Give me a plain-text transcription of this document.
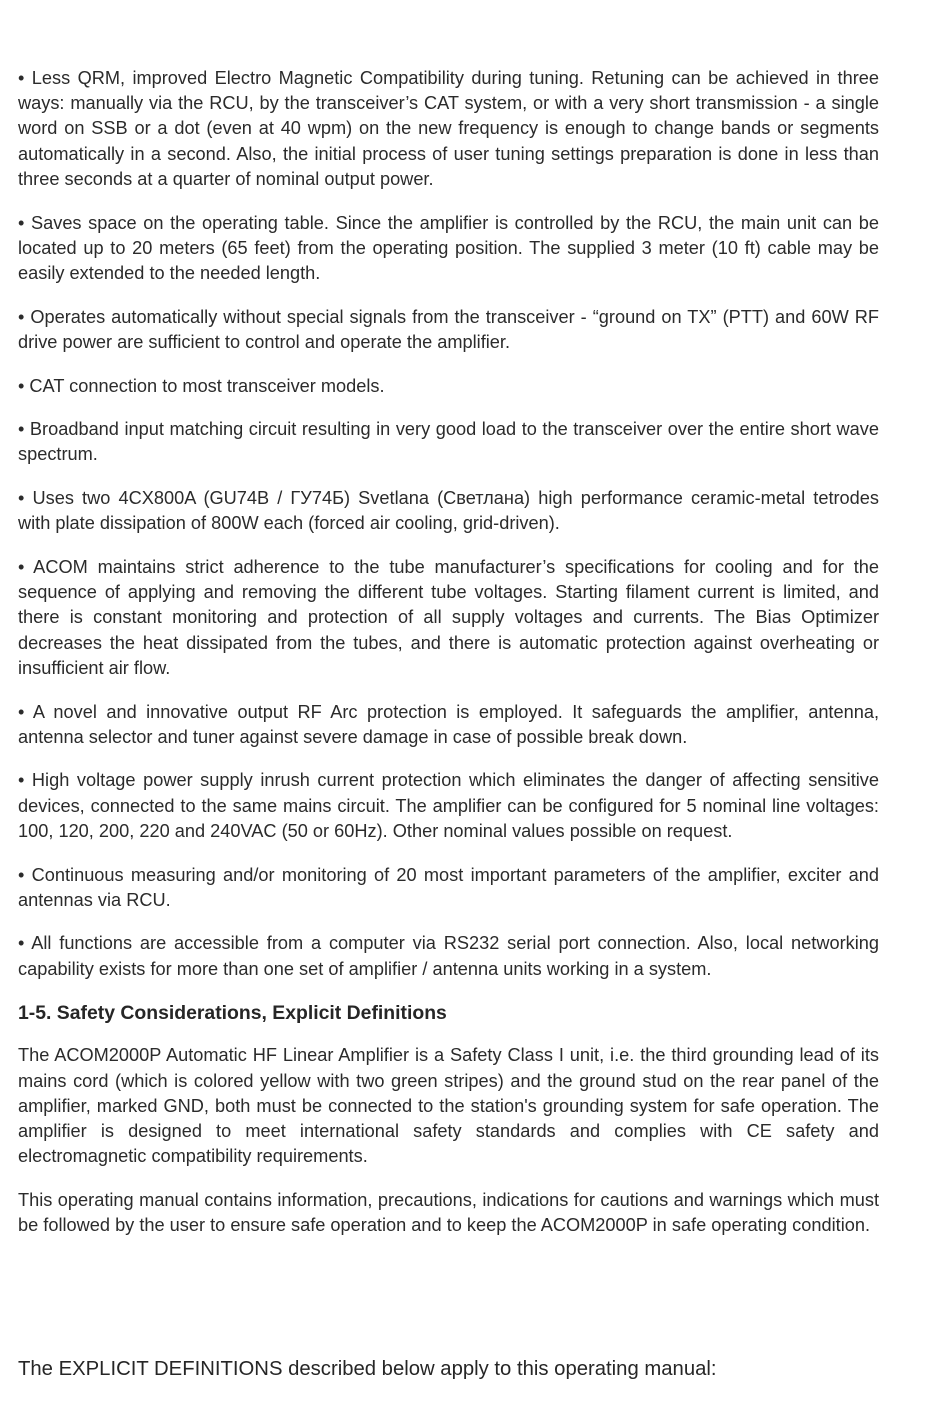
• Less QRM, improved Electro Magnetic Compatibility during tuning. Retuning can be achieved in three ways: manually via the RCU, by the transceiver’s CAT system, or with a very short transmission - a single word on SSB or a dot (even at 40 wpm) on the new frequency is enough to change bands or segments automatically in a second. Also, the initial process of user tuning settings preparation is done in less than three seconds at a quarter of nominal output power.

• Saves space on the operating table. Since the amplifier is controlled by the RCU, the main unit can be located up to 20 meters (65 feet) from the operating position. The supplied 3 meter (10 ft) cable may be easily extended to the needed length.

• Operates automatically without special signals from the transceiver - “ground on TX” (PTT) and 60W RF drive power are sufficient to control and operate the amplifier.

• CAT connection to most transceiver models.

• Broadband input matching circuit resulting in very good load to the transceiver over the entire short wave spectrum.

• Uses two 4CX800A (GU74B / ГУ74Б) Svetlana (Светлана) high performance ceramic-metal tetrodes with plate dissipation of 800W each (forced air cooling, grid-driven).

• ACOM maintains strict adherence to the tube manufacturer’s specifications for cooling and for the sequence of applying and removing the different tube voltages. Starting filament current is limited, and there is constant monitoring and protection of all supply voltages and currents. The Bias Optimizer decreases the heat dissipated from the tubes, and there is automatic protection against overheating or insufficient air flow.

• A novel and innovative output RF Arc protection is employed. It safeguards the amplifier, antenna, antenna selector and tuner against severe damage in case of possible break down.

• High voltage power supply inrush current protection which eliminates the danger of affecting sensitive devices, connected to the same mains circuit. The amplifier can be configured for 5 nominal line voltages: 100, 120, 200, 220 and 240VAC (50 or 60Hz). Other nominal values possible on request.

• Continuous measuring and/or monitoring of 20 most important parameters of the amplifier, exciter and antennas via RCU.

• All functions are accessible from a computer via RS232 serial port connection. Also, local networking capability exists for more than one set of amplifier / antenna units working in a system.

1-5. Safety Considerations, Explicit Definitions

The ACOM2000P Automatic HF Linear Amplifier is a Safety Class I unit, i.e. the third grounding lead of its mains cord (which is colored yellow with two green stripes) and the ground stud on the rear panel of the amplifier, marked GND, both must be connected to the station's grounding system for safe operation. The amplifier is designed to meet international safety standards and complies with CE safety and electromagnetic compatibility requirements.

This operating manual contains information, precautions, indications for cautions and warnings which must be followed by the user to ensure safe operation and to keep the ACOM2000P in safe operating condition.

The EXPLICIT DEFINITIONS described below apply to this operating manual:
